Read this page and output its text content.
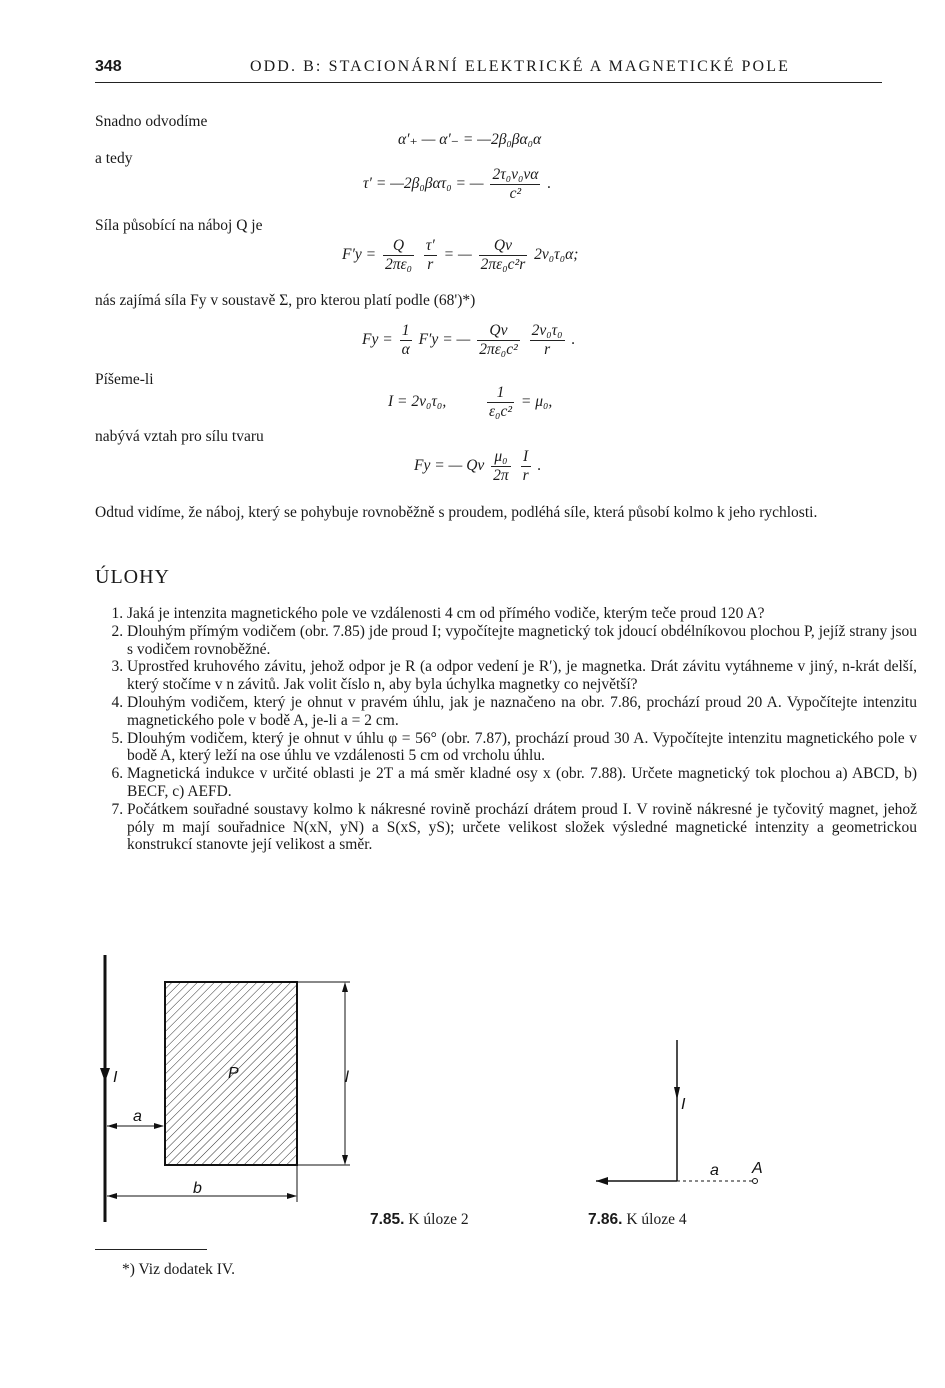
348	ODD. B: STACIONÁRNÍ ELEKTRICKÉ A MAGNETICKÉ POLE
Snadno odvodíme
a tedy
Síla působící na náboj Q je
nás zajímá síla Fy v soustavě Σ, pro kterou platí podle (68')*)
Píšeme-li
nabývá vztah pro sílu tvaru
α′₊ — α′₋ = —2β₀βα₀α
τ′ = —2β₀βατ₀ = — $\frac{\text{2τ₀v₀vα}}{\text{c²}}$ .
$F'y = \frac{Q}{\text{2πε₀}}$
$\frac{\tau'}{r}$ = — $\frac{Qv}{\text{2πε₀c²r}} 2v_0\tau_0\alpha$;
$Fy = \frac{1}{\alpha} F'y$ = — $\frac{Qv}{\text{2πε₀c²}}$
$\frac{\text{2v₀τ₀}}{r}$ .
I = 2v₀τ₀,	$\frac{1}{\text{ε₀c²}} = \mu_0$,
Fy = — Qv $\frac{\text{μ₀}}{2\pi}$
$\frac{I}{r}$ .
Odtud vidíme, že náboj, který se pohybuje rovnoběžně s proudem, podléhá síle, která působí kolmo k jeho rychlosti.
ÚLOHY
1. Jaká je intenzita magnetického pole ve vzdálenosti 4 cm od přímého vodiče, kterým teče proud 120 A?
2. Dlouhým přímým vodičem (obr. 7.85) jde proud I; vypočítejte magnetický tok jdoucí obdélníkovou plochou P, jejíž strany jsou s vodičem rovnoběžné.
3. Uprostřed kruhového závitu, jehož odpor je R (a odpor vedení je R′), je magnetka. Drát závitu vytáhneme v jiný, n-krát delší, který stočíme v n závitů. Jak volit číslo n, aby byla úchylka magnetky co největší?
4. Dlouhým vodičem, který je ohnut v pravém úhlu, jak je naznačeno na obr. 7.86, prochází proud 20 A. Vypočítejte intenzitu magnetického pole v bodě A, je-li a = 2 cm.
5. Dlouhým vodičem, který je ohnut v úhlu φ = 56° (obr. 7.87), prochází proud 30 A. Vypočítejte intenzitu magnetického pole v bodě A, který leží na ose úhlu ve vzdálenosti 5 cm od vrcholu úhlu.
6. Magnetická indukce v určité oblasti je 2T a má směr kladné osy x (obr. 7.88). Určete magnetický tok plochou a) ABCD, b) BECF, c) AEFD.
7. Počátkem souřadné soustavy kolmo k nákresné rovině prochází drátem proud I. V rovině nákresné je tyčovitý magnet, jehož póly m mají souřadnice N(xN, yN) a S(xS, yS); určete velikost složek výsledné magnetické intenzity a geometrickou konstrukcí stanovte její velikost a směr.
I	P	l
a
b
I
a A
7.85. K úloze 2	7.86. K úloze 4
*) Viz dodatek IV.
